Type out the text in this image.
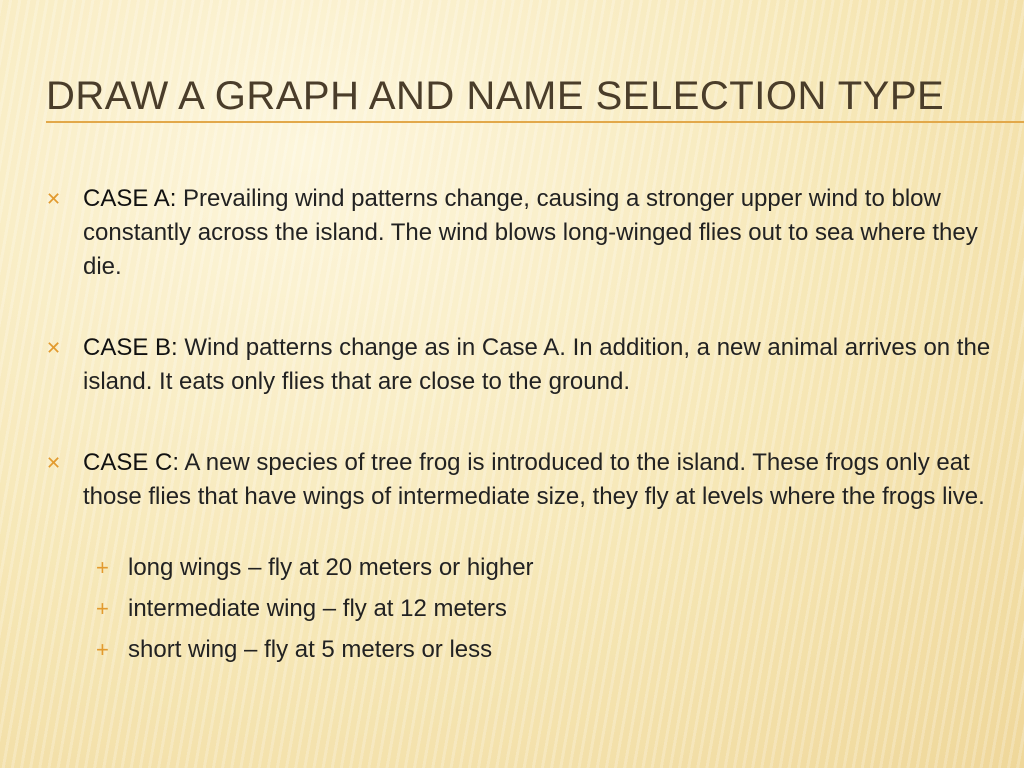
DRAW A GRAPH AND NAME SELECTION TYPE
✕ CASE A: Prevailing wind patterns change, causing a stronger upper wind to blow constantly across the island. The wind blows long-winged flies out to sea where they die.
✕ CASE B: Wind patterns change as in Case A. In addition, a new animal arrives on the island. It eats only flies that are close to the ground.
✕ CASE C: A new species of tree frog is introduced to the island. These frogs only eat those flies that have wings of intermediate size, they fly at levels where the frogs live.
+ long wings – fly at 20 meters or higher
+ intermediate wing – fly at 12 meters
+ short wing – fly at 5 meters or less
